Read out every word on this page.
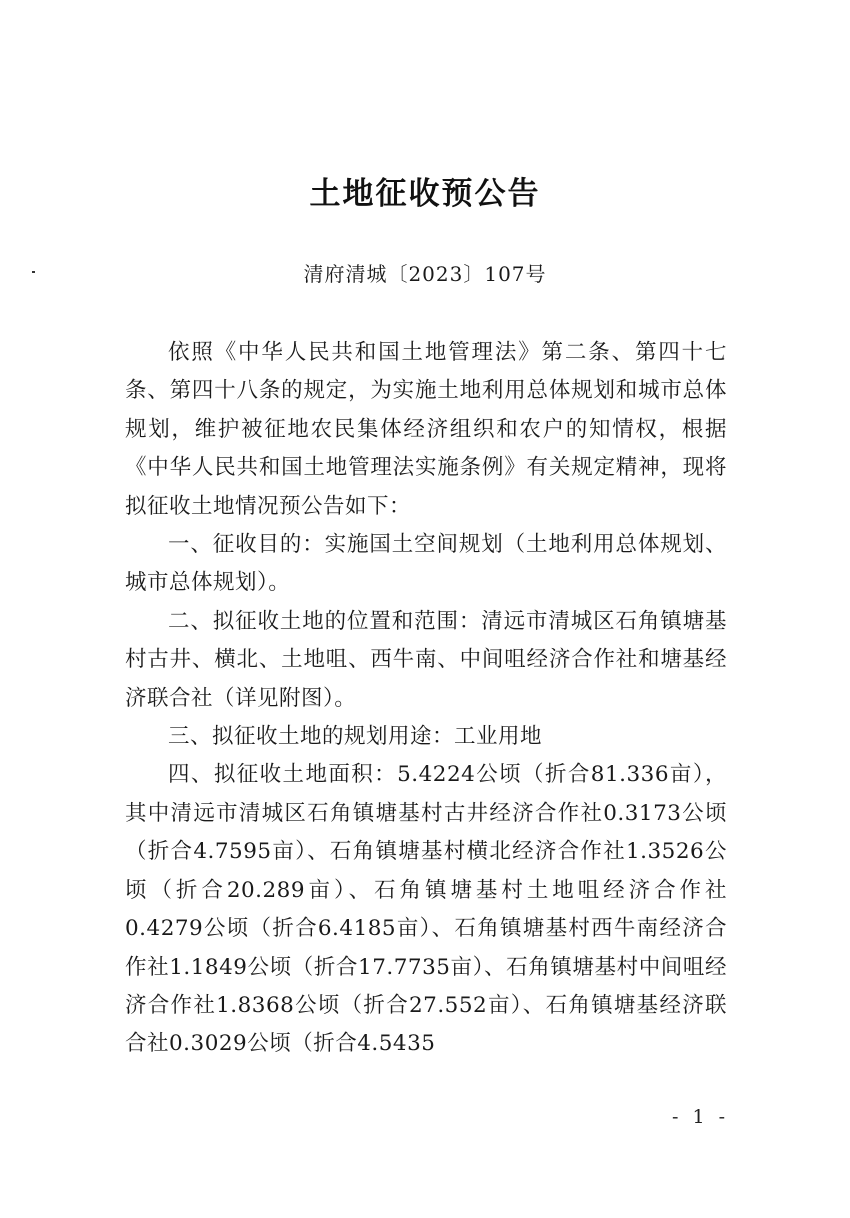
土地征收预公告
清府清城〔2023〕107号

依照《中华人民共和国土地管理法》第二条、第四十七条、第四十八条的规定，为实施土地利用总体规划和城市总体规划，维护被征地农民集体经济组织和农户的知情权，根据《中华人民共和国土地管理法实施条例》有关规定精神，现将拟征收土地情况预公告如下：

一、征收目的：实施国土空间规划（土地利用总体规划、城市总体规划）。

二、拟征收土地的位置和范围：清远市清城区石角镇塘基村古井、横北、土地咀、西牛南、中间咀经济合作社和塘基经济联合社（详见附图）。

三、拟征收土地的规划用途：工业用地

四、拟征收土地面积：5.4224公顷（折合81.336亩），其中清远市清城区石角镇塘基村古井经济合作社0.3173公顷（折合4.7595亩）、石角镇塘基村横北经济合作社1.3526公顷（折合20.289亩）、石角镇塘基村土地咀经济合作社0.4279公顷（折合6.4185亩）、石角镇塘基村西牛南经济合作社1.1849公顷（折合17.7735亩）、石角镇塘基村中间咀经济合作社1.8368公顷（折合27.552亩）、石角镇塘基经济联合社0.3029公顷（折合4.5435

- 1 -
